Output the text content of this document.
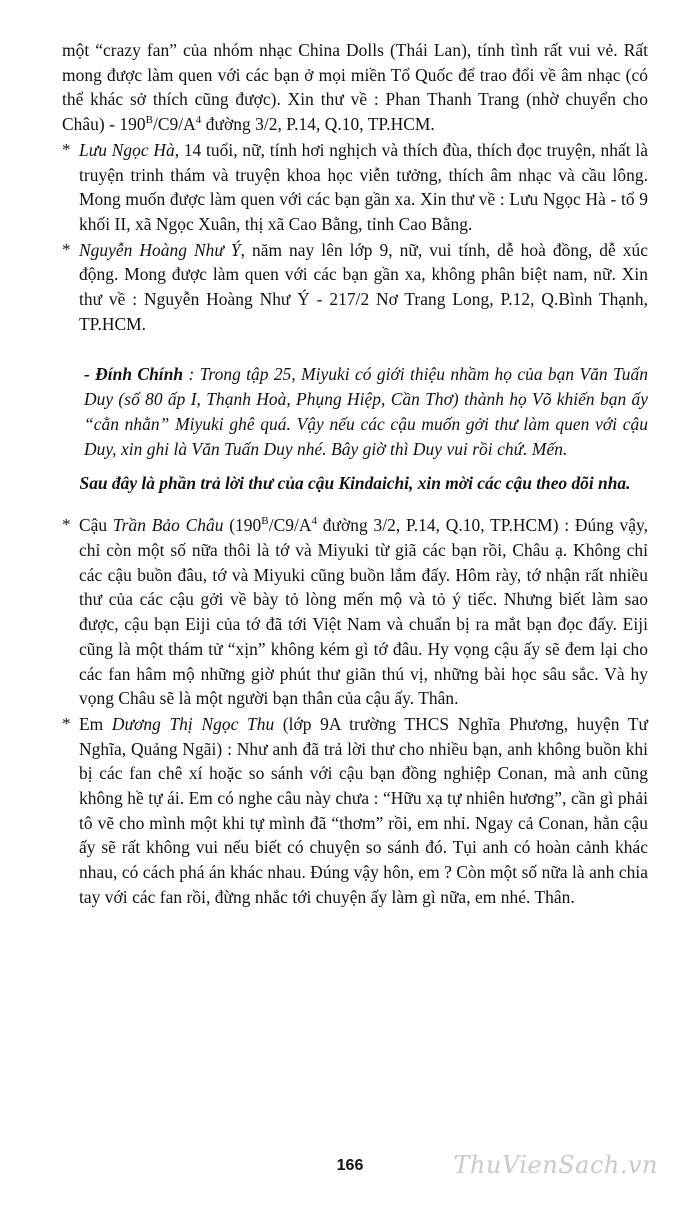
một “crazy fan” của nhóm nhạc China Dolls (Thái Lan), tính tình rất vui vẻ. Rất mong được làm quen với các bạn ở mọi miền Tổ Quốc để trao đổi về âm nhạc (có thể khác sở thích cũng được). Xin thư về : Phan Thanh Trang (nhờ chuyển cho Châu) - $190^B/C9/A^4$ đường 3/2, P.14, Q.10, TP.HCM.

* Lưu Ngọc Hà, 14 tuổi, nữ, tính hơi nghịch và thích đùa, thích đọc truyện, nhất là truyện trinh thám và truyện khoa học viễn tưởng, thích âm nhạc và cầu lông. Mong muốn được làm quen với các bạn gần xa. Xin thư về : Lưu Ngọc Hà - tổ 9 khối II, xã Ngọc Xuân, thị xã Cao Bằng, tỉnh Cao Bằng.
* Nguyễn Hoàng Như Ý, năm nay lên lớp 9, nữ, vui tính, dễ hoà đồng, dễ xúc động. Mong được làm quen với các bạn gần xa, không phân biệt nam, nữ. Xin thư về : Nguyễn Hoàng Như Ý - 217/2 Nơ Trang Long, P.12, Q.Bình Thạnh, TP.HCM.

- Đính Chính : Trong tập 25, Miyuki có giới thiệu nhầm họ của bạn Văn Tuấn Duy (số 80 ấp I, Thạnh Hoà, Phụng Hiệp, Cần Thơ) thành họ Võ khiến bạn ấy “cằn nhằn” Miyuki ghê quá. Vậy nếu các cậu muốn gởi thư làm quen với cậu Duy, xin ghi là Văn Tuấn Duy nhé. Bây giờ thì Duy vui rồi chứ. Mến.

Sau đây là phần trả lời thư của cậu Kindaichi, xin mời các cậu theo dõi nha.

* Cậu Trần Bảo Châu ($190^B/C9/A^4$ đường 3/2, P.14, Q.10, TP.HCM) : Đúng vậy, chỉ còn một số nữa thôi là tớ và Miyuki từ giã các bạn rồi, Châu ạ. Không chỉ các cậu buồn đâu, tớ và Miyuki cũng buồn lắm đấy. Hôm rày, tớ nhận rất nhiều thư của các cậu gởi về bày tỏ lòng mến mộ và tỏ ý tiếc. Nhưng biết làm sao được, cậu bạn Eiji của tớ đã tới Việt Nam và chuẩn bị ra mắt bạn đọc đấy. Eiji cũng là một thám tử “xịn” không kém gì tớ đâu. Hy vọng cậu ấy sẽ đem lại cho các fan hâm mộ những giờ phút thư giãn thú vị, những bài học sâu sắc. Và hy vọng Châu sẽ là một người bạn thân của cậu ấy. Thân.
* Em Dương Thị Ngọc Thu (lớp 9A trường THCS Nghĩa Phương, huyện Tư Nghĩa, Quảng Ngãi) : Như anh đã trả lời thư cho nhiều bạn, anh không buồn khi bị các fan chê xí hoặc so sánh với cậu bạn đồng nghiệp Conan, mà anh cũng không hề tự ái. Em có nghe câu này chưa : “Hữu xạ tự nhiên hương”, cần gì phải tô vẽ cho mình một khi tự mình đã “thơm” rồi, em nhỉ. Ngay cả Conan, hẳn cậu ấy sẽ rất không vui nếu biết có chuyện so sánh đó. Tụi anh có hoàn cảnh khác nhau, có cách phá án khác nhau. Đúng vậy hôn, em ? Còn một số nữa là anh chia tay với các fan rồi, đừng nhắc tới chuyện ấy làm gì nữa, em nhé. Thân.
166	ThuVienSach.vn
